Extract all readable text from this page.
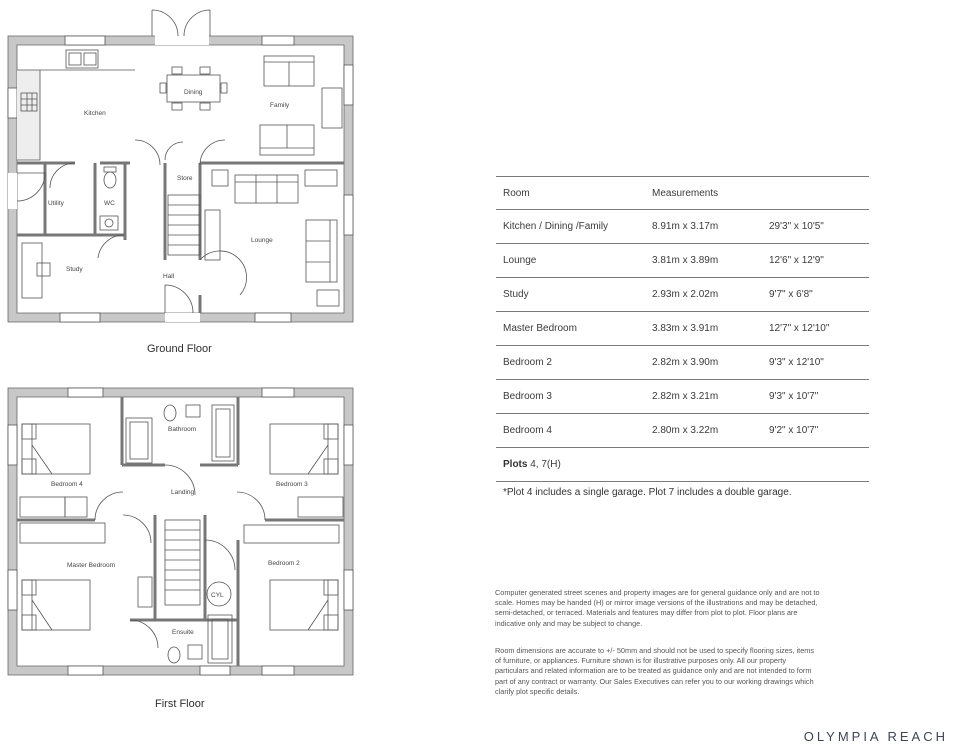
Kitchen
Dining
Family
Utility	WC
Store
Lounge
Study
Hall
Bathroom
Bedroom 4	Bedroom 3
Landing
Master Bedroom	Bedroom 2
Ensuite
CYL
Ground Floor
First Floor
Room	Measurements	
Kitchen / Dining /Family	8.91m x 3.17m	29'3" x 10'5"
Lounge	3.81m x 3.89m	12'6" x 12'9"
Study	2.93m x 2.02m	9'7" x 6'8"
Master Bedroom	3.83m x 3.91m	12'7" x 12'10"
Bedroom 2	2.82m x 3.90m	9'3" x 12'10"
Bedroom 3	2.82m x 3.21m	9'3" x 10'7"
Bedroom 4	2.80m x 3.22m	9'2" x 10'7"
Plots 4, 7(H)		
*Plot 4 includes a single garage. Plot 7 includes a double garage.

Computer generated street scenes and property images are for general guidance only and are not to scale. Homes may be handed (H) or mirror image versions of the illustrations and may be detached, semi-detached, or terraced. Materials and features may differ from plot to plot. Floor plans are indicative only and may be subject to change.

Room dimensions are accurate to +/- 50mm and should not be used to specify flooring sizes, items of furniture, or appliances. Furniture shown is for illustrative purposes only. All our property particulars and related information are to be treated as guidance only and are not intended to form part of any contract or warranty. Our Sales Executives can refer you to our working drawings which clarify plot specific details.

OLYMPIA REACH
